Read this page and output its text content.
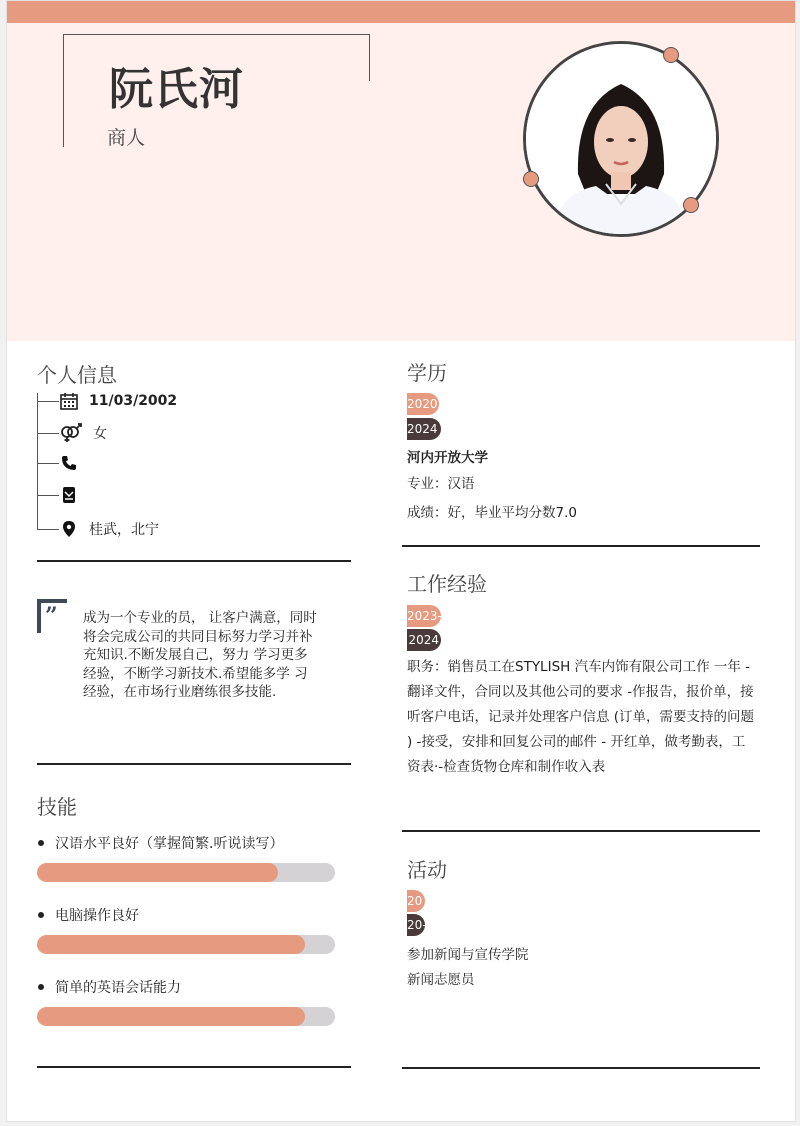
阮氏河
商人
个人信息
11/03/2002
女
桂武，北宁
” 成为一个专业的员， 让客户满意，同时将会完成公司的共同目标努力学习并补充知识.不断发展自己，努力 学习更多经验，不断学习新技术.希望能多学 习经验，在市场行业磨练很多技能.
技能
汉语水平良好（掌握简繁.听说读写）
电脑操作良好
简单的英语会话能力
学历
2020
2024
河内开放大学
专业：汉语
成绩：好，毕业平均分数7.0
工作经验
2023-
2024
职务：销售员工在STYLISH 汽车内饰有限公司工作 一年 -翻译文件，合同以及其他公司的要求 -作报告，报价单，接听客户电话，记录并处理客户信息 (订单，需要支持的问题 ) -接受，安排和回复公司的邮件 - 开红单，做考勤表，工资表·-检查货物仓库和制作收入表
活动
20
20-
参加新闻与宣传学院
新闻志愿员
